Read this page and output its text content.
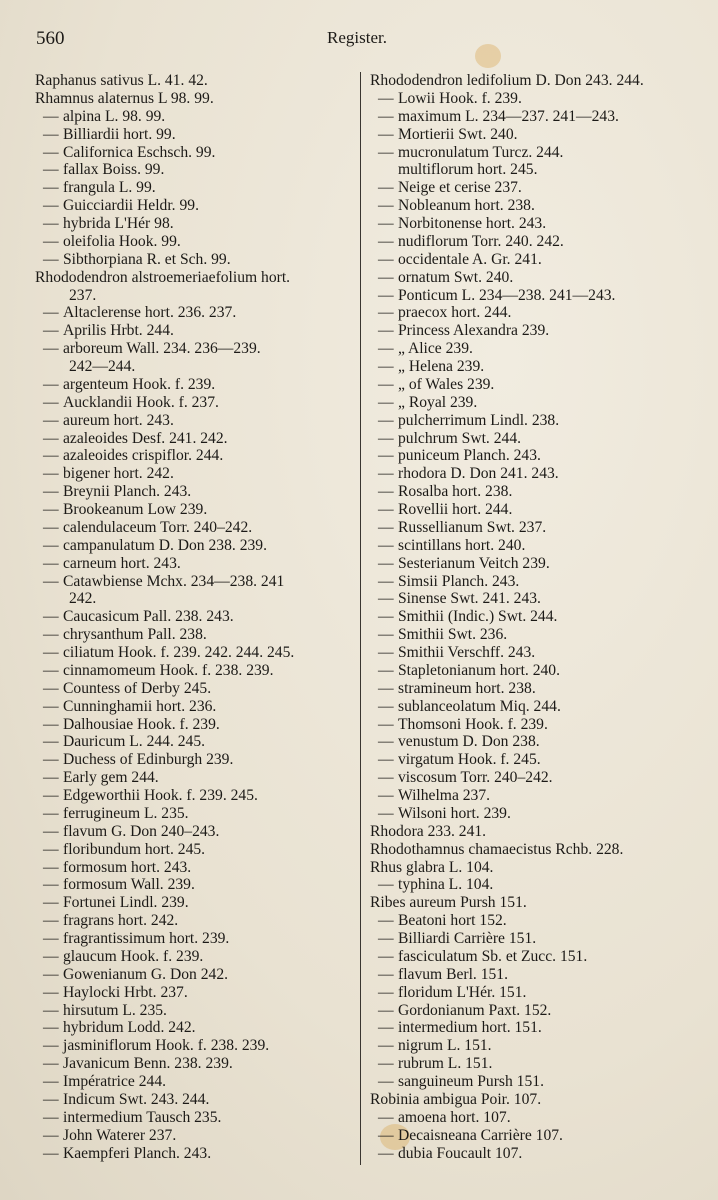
560	Register.
Raphanus sativus L. 41. 42.
Rhamnus alaternus L 98. 99.
— alpina L. 98. 99.
— Billiardii hort. 99.
— Californica Eschsch. 99.
— fallax Boiss. 99.
— frangula L. 99.
— Guicciardii Heldr. 99.
— hybrida L'Hér 98.
— oleifolia Hook. 99.
— Sibthorpiana R. et Sch. 99.
Rhododendron alstroemeriaefolium hort.
237.
— Altaclerense hort. 236. 237.
— Aprilis Hrbt. 244.
— arboreum Wall. 234. 236—239.
242—244.
— argenteum Hook. f. 239.
— Aucklandii Hook. f. 237.
— aureum hort. 243.
— azaleoides Desf. 241. 242.
— azaleoides crispiflor. 244.
— bigener hort. 242.
— Breynii Planch. 243.
— Brookeanum Low 239.
— calendulaceum Torr. 240–242.
— campanulatum D. Don 238. 239.
— carneum hort. 243.
— Catawbiense Mchx. 234—238. 241
242.
— Caucasicum Pall. 238. 243.
— chrysanthum Pall. 238.
— ciliatum Hook. f. 239. 242. 244. 245.
— cinnamomeum Hook. f. 238. 239.
— Countess of Derby 245.
— Cunninghamii hort. 236.
— Dalhousiae Hook. f. 239.
— Dauricum L. 244. 245.
— Duchess of Edinburgh 239.
— Early gem 244.
— Edgeworthii Hook. f. 239. 245.
— ferrugineum L. 235.
— flavum G. Don 240–243.
— floribundum hort. 245.
— formosum hort. 243.
— formosum Wall. 239.
— Fortunei Lindl. 239.
— fragrans hort. 242.
— fragrantissimum hort. 239.
— glaucum Hook. f. 239.
— Gowenianum G. Don 242.
— Haylocki Hrbt. 237.
— hirsutum L. 235.
— hybridum Lodd. 242.
— jasminiflorum Hook. f. 238. 239.
— Javanicum Benn. 238. 239.
— Impératrice 244.
— Indicum Swt. 243. 244.
— intermedium Tausch 235.
— John Waterer 237.
— Kaempferi Planch. 243.
Rhododendron ledifolium D. Don 243. 244.
— Lowii Hook. f. 239.
— maximum L. 234—237. 241—243.
— Mortierii Swt. 240.
— mucronulatum Turcz. 244.
multiflorum hort. 245.
— Neige et cerise 237.
— Nobleanum hort. 238.
— Norbitonense hort. 243.
— nudiflorum Torr. 240. 242.
— occidentale A. Gr. 241.
— ornatum Swt. 240.
— Ponticum L. 234—238. 241—243.
— praecox hort. 244.
— Princess Alexandra 239.
— „ Alice 239.
— „ Helena 239.
— „ of Wales 239.
— „ Royal 239.
— pulcherrimum Lindl. 238.
— pulchrum Swt. 244.
— puniceum Planch. 243.
— rhodora D. Don 241. 243.
— Rosalba hort. 238.
— Rovellii hort. 244.
— Russellianum Swt. 237.
— scintillans hort. 240.
— Sesterianum Veitch 239.
— Simsii Planch. 243.
— Sinense Swt. 241. 243.
— Smithii (Indic.) Swt. 244.
— Smithii Swt. 236.
— Smithii Verschff. 243.
— Stapletonianum hort. 240.
— stramineum hort. 238.
— sublanceolatum Miq. 244.
— Thomsoni Hook. f. 239.
— venustum D. Don 238.
— virgatum Hook. f. 245.
— viscosum Torr. 240–242.
— Wilhelma 237.
— Wilsoni hort. 239.
Rhodora 233. 241.
Rhodothamnus chamaecistus Rchb. 228.
Rhus glabra L. 104.
— typhina L. 104.
Ribes aureum Pursh 151.
— Beatoni hort 152.
— Billiardi Carrière 151.
— fasciculatum Sb. et Zucc. 151.
— flavum Berl. 151.
— floridum L'Hér. 151.
— Gordonianum Paxt. 152.
— intermedium hort. 151.
— nigrum L. 151.
— rubrum L. 151.
— sanguineum Pursh 151.
Robinia ambigua Poir. 107.
— amoena hort. 107.
— Decaisneana Carrière 107.
— dubia Foucault 107.
